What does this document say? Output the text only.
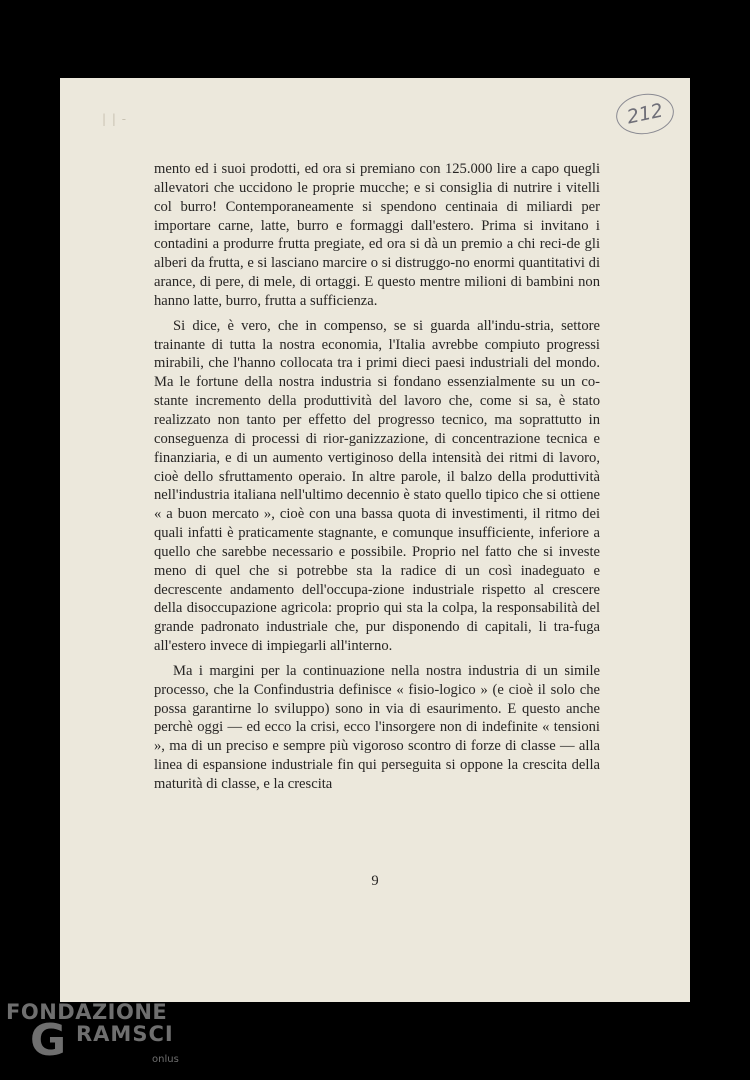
| | -	212

mento ed i suoi prodotti, ed ora si premiano con 125.000 lire a capo quegli allevatori che uccidono le proprie mucche; e si consiglia di nutrire i vitelli col burro! Contemporaneamente si spendono centinaia di miliardi per importare carne, latte, burro e formaggi dall'estero. Prima si invitano i contadini a produrre frutta pregiate, ed ora si dà un premio a chi reci-de gli alberi da frutta, e si lasciano marcire o si distruggo-no enormi quantitativi di arance, di pere, di mele, di ortaggi. E questo mentre milioni di bambini non hanno latte, burro, frutta a sufficienza.

Si dice, è vero, che in compenso, se si guarda all'indu-stria, settore trainante di tutta la nostra economia, l'Italia avrebbe compiuto progressi mirabili, che l'hanno collocata tra i primi dieci paesi industriali del mondo. Ma le fortune della nostra industria si fondano essenzialmente su un co-stante incremento della produttività del lavoro che, come si sa, è stato realizzato non tanto per effetto del progresso tecnico, ma soprattutto in conseguenza di processi di rior-ganizzazione, di concentrazione tecnica e finanziaria, e di un aumento vertiginoso della intensità dei ritmi di lavoro, cioè dello sfruttamento operaio. In altre parole, il balzo della produttività nell'industria italiana nell'ultimo decennio è stato quello tipico che si ottiene « a buon mercato », cioè con una bassa quota di investimenti, il ritmo dei quali infatti è praticamente stagnante, e comunque insufficiente, inferiore a quello che sarebbe necessario e possibile. Proprio nel fatto che si investe meno di quel che si potrebbe sta la radice di un così inadeguato e decrescente andamento dell'occupa-zione industriale rispetto al crescere della disoccupazione agricola: proprio qui sta la colpa, la responsabilità del grande padronato industriale che, pur disponendo di capitali, li tra-fuga all'estero invece di impiegarli all'interno.

Ma i margini per la continuazione nella nostra industria di un simile processo, che la Confindustria definisce « fisio-logico » (e cioè il solo che possa garantirne lo sviluppo) sono in via di esaurimento. E questo anche perchè oggi — ed ecco la crisi, ecco l'insorgere non di indefinite « tensioni », ma di un preciso e sempre più vigoroso scontro di forze di classe — alla linea di espansione industriale fin qui perseguita si oppone la crescita della maturità di classe, e la crescita

9
FONDAZIONE
G RAMSCI
onlus
